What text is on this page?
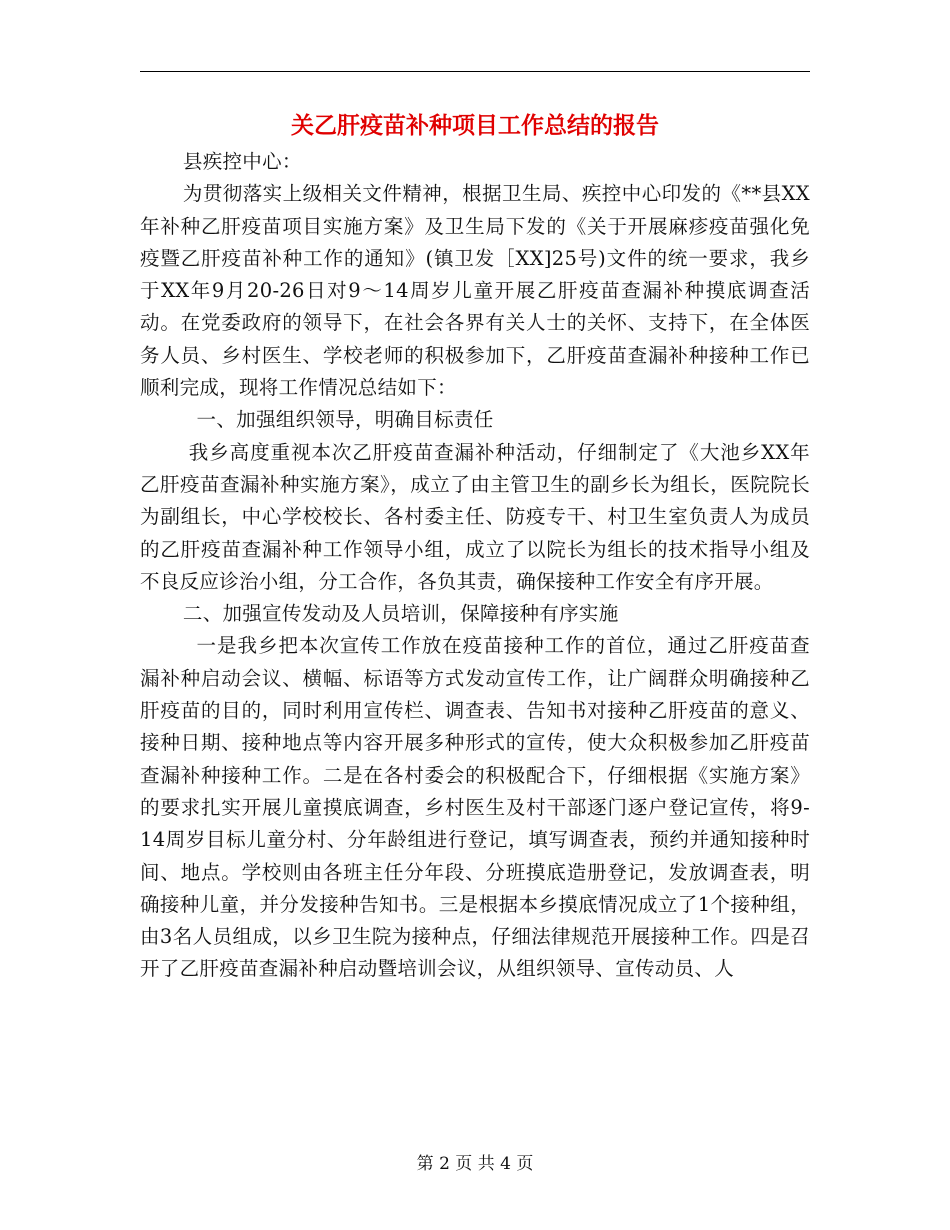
关乙肝疫苗补种项目工作总结的报告

县疾控中心：

为贯彻落实上级相关文件精神，根据卫生局、疾控中心印发的《**县XX年补种乙肝疫苗项目实施方案》及卫生局下发的《关于开展麻疹疫苗强化免疫暨乙肝疫苗补种工作的通知》(镇卫发［XX]25号)文件的统一要求，我乡于XX年9月20-26日对9～14周岁儿童开展乙肝疫苗查漏补种摸底调查活动。在党委政府的领导下，在社会各界有关人士的关怀、支持下，在全体医务人员、乡村医生、学校老师的积极参加下，乙肝疫苗查漏补种接种工作已顺利完成，现将工作情况总结如下：

一、加强组织领导，明确目标责任

我乡高度重视本次乙肝疫苗查漏补种活动，仔细制定了《大池乡XX年乙肝疫苗查漏补种实施方案》，成立了由主管卫生的副乡长为组长，医院院长为副组长，中心学校校长、各村委主任、防疫专干、村卫生室负责人为成员的乙肝疫苗查漏补种工作领导小组，成立了以院长为组长的技术指导小组及不良反应诊治小组，分工合作，各负其责，确保接种工作安全有序开展。

二、加强宣传发动及人员培训，保障接种有序实施

一是我乡把本次宣传工作放在疫苗接种工作的首位，通过乙肝疫苗查漏补种启动会议、横幅、标语等方式发动宣传工作，让广阔群众明确接种乙肝疫苗的目的，同时利用宣传栏、调查表、告知书对接种乙肝疫苗的意义、接种日期、接种地点等内容开展多种形式的宣传，使大众积极参加乙肝疫苗查漏补种接种工作。二是在各村委会的积极配合下，仔细根据《实施方案》的要求扎实开展儿童摸底调查，乡村医生及村干部逐门逐户登记宣传，将9-14周岁目标儿童分村、分年龄组进行登记，填写调查表，预约并通知接种时间、地点。学校则由各班主任分年段、分班摸底造册登记，发放调查表，明确接种儿童，并分发接种告知书。三是根据本乡摸底情况成立了1个接种组，由3名人员组成，以乡卫生院为接种点，仔细法律规范开展接种工作。四是召开了乙肝疫苗查漏补种启动暨培训会议，从组织领导、宣传动员、人

第 2 页 共 4 页
